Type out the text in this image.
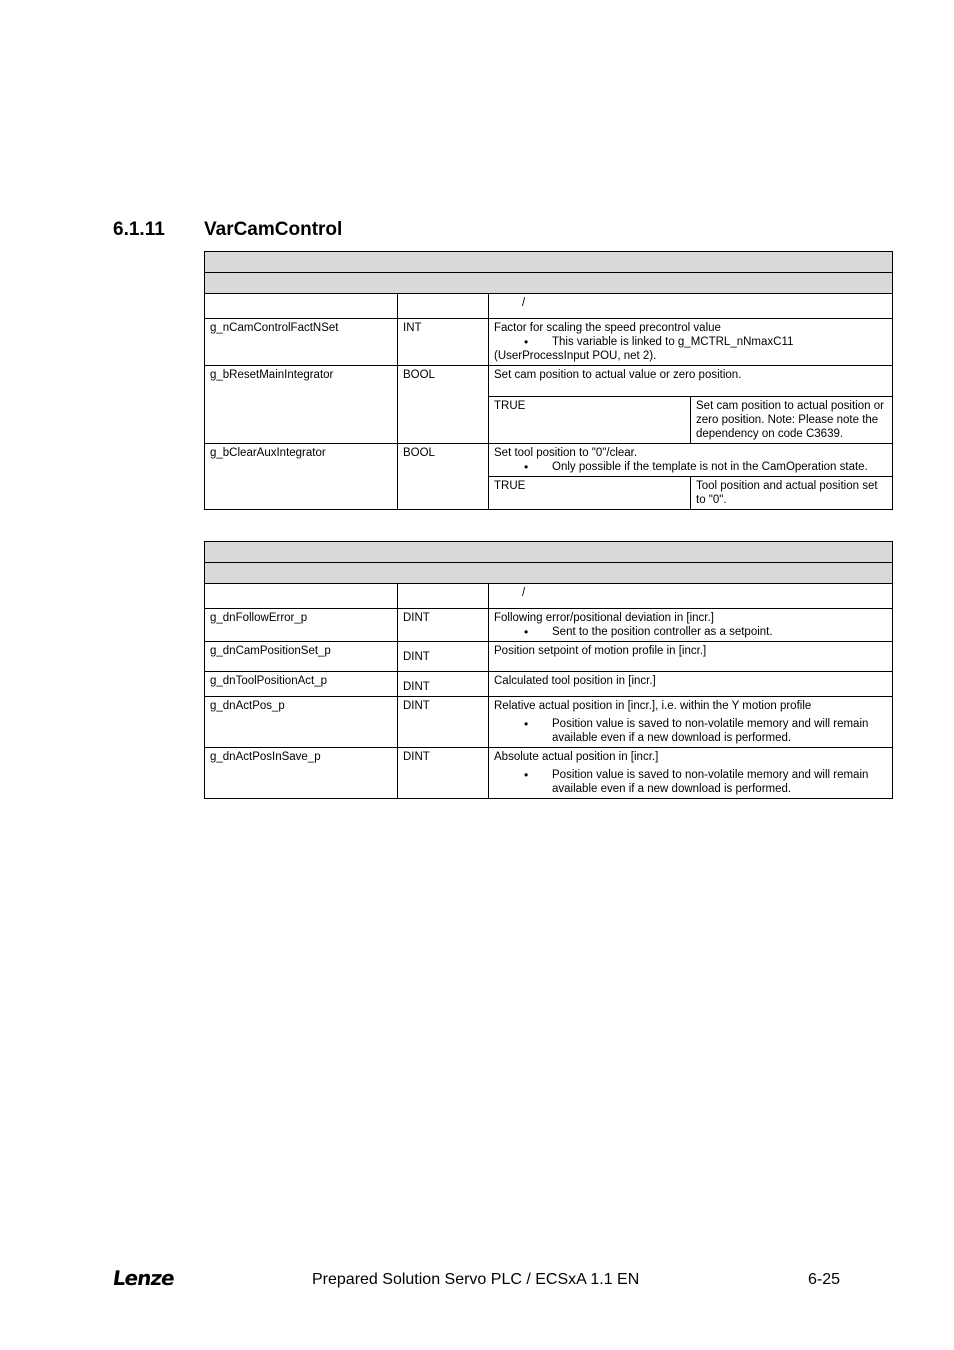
6.1.11 VarCamControl

		/
g_nCamControlFactNSet	INT	Factor for scaling the speed precontrol value
• This variable is linked to g_MCTRL_nNmaxC11
(UserProcessInput POU, net 2).

g_bResetMainIntegrator	BOOL	Set cam position to actual value or zero position.
TRUE Set cam position to actual position or zero position. Note: Please note the dependency on code C3639.

g_bClearAuxIntegrator	BOOL	Set tool position to "0"/clear.
• Only possible if the template is not in the CamOperation state.
TRUE Tool position and actual position set to "0".

		/
g_dnFollowError_p	DINT	Following error/positional deviation in [incr.]
• Sent to the position controller as a setpoint.

g_dnCamPositionSet_p	DINT	Position setpoint of motion profile in [incr.]
g_dnToolPositionAct_p	DINT	Calculated tool position in [incr.]
g_dnActPos_p	DINT	Relative actual position in [incr.], i.e. within the Y motion profile
• Position value is saved to non-volatile memory and will remain available even if a new download is performed.

g_dnActPosInSave_p	DINT	Absolute actual position in [incr.]
• Position value is saved to non-volatile memory and will remain available even if a new download is performed.
Lenze	Prepared Solution Servo PLC / ECSxA 1.1 EN	6-25
